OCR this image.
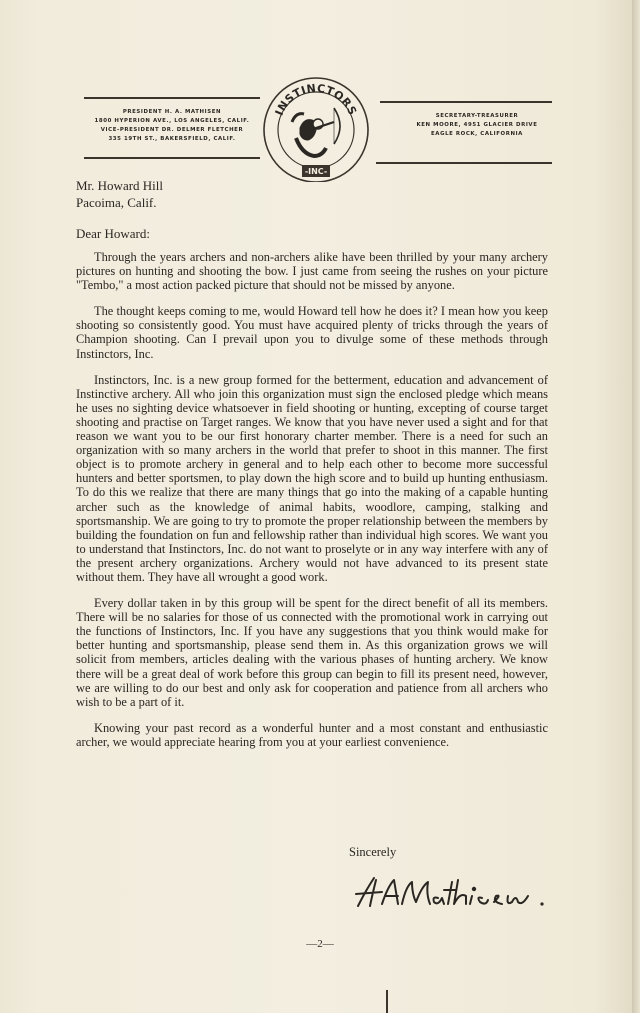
PRESIDENT H. A. MATHISEN
1800 HYPERION AVE., LOS ANGELES, CALIF.
VICE-PRESIDENT DR. DELMER FLETCHER
335 19TH ST., BAKERSFIELD, CALIF.
SECRETARY-TREASURER
KEN MOORE, 4951 GLACIER DRIVE
EAGLE ROCK, CALIFORNIA
INSTINCTORS
-INC-
Mr. Howard Hill
Pacoima, Calif.
Dear Howard:

Through the years archers and non-archers alike have been thrilled by your many archery pictures on hunting and shooting the bow. I just came from seeing the rushes on your picture "Tembo," a most action packed picture that should not be missed by anyone.

The thought keeps coming to me, would Howard tell how he does it? I mean how you keep shooting so consistently good. You must have acquired plenty of tricks through the years of Champion shooting. Can I prevail upon you to divulge some of these methods through Instinctors, Inc.

Instinctors, Inc. is a new group formed for the betterment, education and advancement of Instinctive archery. All who join this organization must sign the enclosed pledge which means he uses no sighting device whatsoever in field shooting or hunting, excepting of course target shooting and practise on Target ranges. We know that you have never used a sight and for that reason we want you to be our first honorary charter member. There is a need for such an organization with so many archers in the world that prefer to shoot in this manner. The first object is to promote archery in general and to help each other to become more successful hunters and better sportsmen, to play down the high score and to build up hunting enthusiasm. To do this we realize that there are many things that go into the making of a capable hunting archer such as the knowledge of animal habits, woodlore, camping, stalking and sportsmanship. We are going to try to promote the proper relationship between the members by building the foundation on fun and fellowship rather than individual high scores. We want you to understand that Instinctors, Inc. do not want to proselyte or in any way interfere with any of the present archery organizations. Archery would not have advanced to its present state without them. They have all wrought a good work.

Every dollar taken in by this group will be spent for the direct benefit of all its members. There will be no salaries for those of us connected with the promotional work in carrying out the functions of Instinctors, Inc. If you have any suggestions that you think would make for better hunting and sportsmanship, please send them in. As this organization grows we will solicit from members, articles dealing with the various phases of hunting archery. We know there will be a great deal of work before this group can begin to fill its present need, however, we are willing to do our best and only ask for cooperation and patience from all archers who wish to be a part of it.

Knowing your past record as a wonderful hunter and a most constant and enthusiastic archer, we would appreciate hearing from you at your earliest convenience.

Sincerely
—2—
